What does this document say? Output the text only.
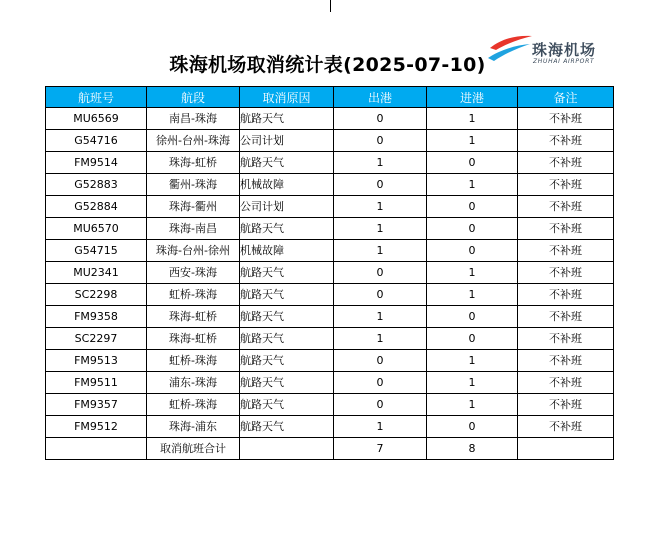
珠海机场取消统计表(2025-07-10)
珠海机场
ZHUHAI AIRPORT
航班号	航段	取消原因	出港	进港	备注
MU6569	南昌-珠海	航路天气	0	1	不补班
G54716	徐州-台州-珠海	公司计划	0	1	不补班
FM9514	珠海-虹桥	航路天气	1	0	不补班
G52883	衢州-珠海	机械故障	0	1	不补班
G52884	珠海-衢州	公司计划	1	0	不补班
MU6570	珠海-南昌	航路天气	1	0	不补班
G54715	珠海-台州-徐州	机械故障	1	0	不补班
MU2341	西安-珠海	航路天气	0	1	不补班
SC2298	虹桥-珠海	航路天气	0	1	不补班
FM9358	珠海-虹桥	航路天气	1	0	不补班
SC2297	珠海-虹桥	航路天气	1	0	不补班
FM9513	虹桥-珠海	航路天气	0	1	不补班
FM9511	浦东-珠海	航路天气	0	1	不补班
FM9357	虹桥-珠海	航路天气	0	1	不补班
FM9512	珠海-浦东	航路天气	1	0	不补班
	取消航班合计		7	8	
